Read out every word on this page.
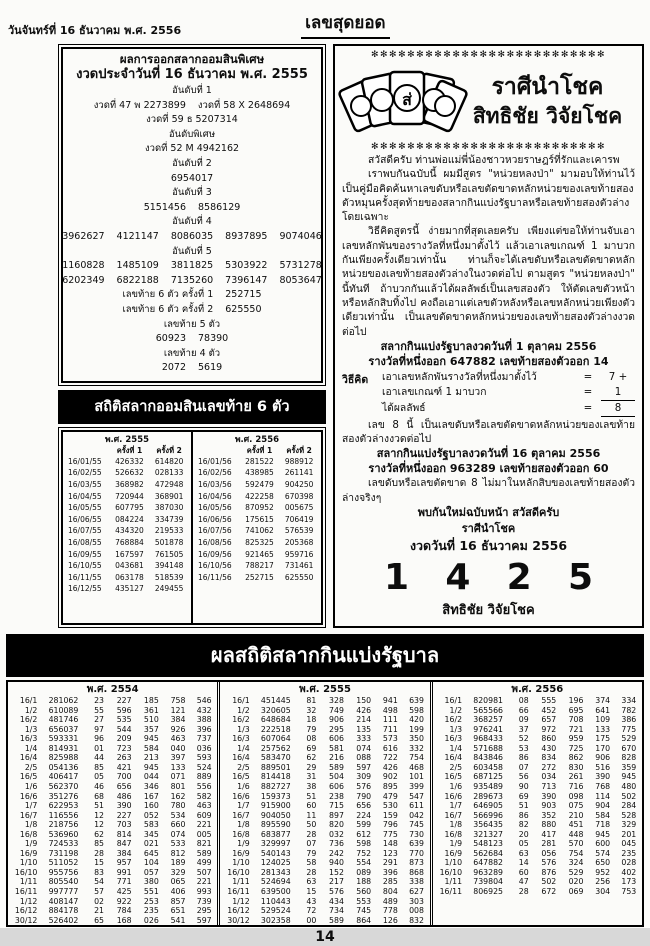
วันจันทร์ที่ 16 ธันวาคม พ.ศ. 2556	เลขสุดยอด
ผลการออกสลากออมสินพิเศษ
งวดประจำวันที่ 16 ธันวาคม พ.ศ. 2555
อันดับที่ 1
งวดที่ 47 พ 2273899 งวดที่ 58 X 2648694
งวดที่ 59 ธ 5207314
อันดับพิเศษ
งวดที่ 52 M 4942162
อันดับที่ 2
6954017
อันดับที่ 3
5151456 8586129
อันดับที่ 4
3962627 4121147 8086035 8937895 9074046
อันดับที่ 5
1160828 1485109 3811825 5303922 5731278
6202349 6822188 7135260 7396147 8053647
เลขท้าย 6 ตัว ครั้งที่ 1 252715
เลขท้าย 6 ตัว ครั้งที่ 2 625550
เลขท้าย 5 ตัว
60923 78390
เลขท้าย 4 ตัว
2072 5619
สถิติสลากออมสินเลขท้าย 6 ตัว
พ.ศ. 2555
ครั้งที่ 1	ครั้งที่ 2
16/01/55	426332	614820
16/02/55	526632	028133
16/03/55	368982	472948
16/04/55	720944	368901
16/05/55	607795	387030
16/06/55	084224	334739
16/07/55	434320	219533
16/08/55	768884	501878
16/09/55	167597	761505
16/10/55	043681	394148
16/11/55	063178	518539
16/12/55	435127	249455
พ.ศ. 2556
ครั้งที่ 1	ครั้งที่ 2
16/01/56	281522	988912
16/02/56	438985	261141
16/03/56	592479	904250
16/04/56	422258	670398
16/05/56	870952	005675
16/06/56	175615	706419
16/07/56	741062	576539
16/08/56	825325	205368
16/09/56	921465	959716
16/10/56	788217	731461
16/11/56	252715	625550
✻✻✻✻✻✻✻✻✻✻✻✻✻✻✻✻✻✻✻✻✻✻✻✻✻✻
ส่	ราศีนำโชค
สิทธิชัย วิจัยโชค
✻✻✻✻✻✻✻✻✻✻✻✻✻✻✻✻✻✻✻✻✻✻✻✻✻✻

สวัสดีครับ ท่านพ่อแม่พี่น้องชาวหวยราษฎร์ที่รักและเคารพ

เราพบกันฉบับนี้ ผมมีสูตร "หน่วยหลงป่า" มามอบให้ท่านไว้เป็นคู่มือคิดค้นหาเลขดับหรือเลขตัดขาดหลักหน่วยของเลขท้ายสองตัวหมุนครั้งสุดท้ายของสลากกินแบ่งรัฐบาลหรือเลขท้ายสองตัวล่างโดยเฉพาะ

วิธีคิดสูตรนี้ ง่ายมากที่สุดเลยครับ เพียงแต่ขอให้ท่านจับเอาเลขหลักพันของรางวัลที่หนึ่งมาตั้งไว้ แล้วเอาเลขเกณฑ์ 1 มาบวกกันเพียงครั้งเดียวเท่านั้น ท่านก็จะได้เลขดับหรือเลขตัดขาดหลักหน่วยของเลขท้ายสองตัวล่างในงวดต่อไป ตามสูตร "หน่วยหลงป่า" นี้ทันที ถ้าบวกกันแล้วได้ผลลัพธ์เป็นเลขสองตัว ให้ตัดเลขตัวหน้าหรือหลักสิบทิ้งไป คงถือเอาแต่เลขตัวหลังหรือเลขหลักหน่วยเพียงตัวเดียวเท่านั้น เป็นเลขตัดขาดหลักหน่วยของเลขท้ายสองตัวล่างงวดต่อไป

สลากกินแบ่งรัฐบาลงวดวันที่ 1 ตุลาคม 2556
รางวัลที่หนึ่งออก 647882 เลขท้ายสองตัวออก 14
วิธีคิด เอาเลขหลักพันรางวัลที่หนึ่งมาตั้งไว้	=	7 +
เอาเลขเกณฑ์ 1 มาบวก	=	1
ได้ผลลัพธ์	=	8

เลข 8 นี้ เป็นเลขดับหรือเลขตัดขาดหลักหน่วยของเลขท้ายสองตัวล่างงวดต่อไป

สลากกินแบ่งรัฐบาลงวดวันที่ 16 ตุลาคม 2556
รางวัลที่หนึ่งออก 963289 เลขท้ายสองตัวออก 60

เลขดับหรือเลขตัดขาด 8 ไม่มาในหลักสิบของเลขท้ายสองตัวล่างจริงๆ

พบกันใหม่ฉบับหน้า สวัสดีครับ
ราศีนำโชค
งวดวันที่ 16 ธันวาคม 2556
1 4 2 5
สิทธิชัย วิจัยโชค
ผลสถิติสลากกินแบ่งรัฐบาล
พ.ศ. 2554
16/1	281062	23	227	185	758	546
1/2	610089	55	596	361	121	432
16/2	481746	27	535	510	384	388
1/3	656037	97	544	357	926	396
16/3	593331	96	209	945	463	737
1/4	814931	01	723	584	040	036
16/4	825988	44	263	213	397	593
2/5	054136	85	421	945	133	524
16/5	406417	05	700	044	071	889
1/6	562370	46	656	346	801	556
16/6	351276	68	486	167	162	582
1/7	622953	51	390	160	780	463
16/7	116556	12	227	052	534	609
1/8	218756	12	703	583	660	221
16/8	536960	62	814	345	074	005
1/9	724533	85	847	021	533	821
16/9	731198	28	384	645	812	589
1/10	511052	15	957	104	189	499
16/10	955756	83	991	057	329	507
1/11	805540	54	771	380	065	221
16/11	997777	57	425	551	406	993
1/12	408147	02	922	253	857	739
16/12	884178	21	784	235	651	295
30/12	526402	65	168	026	541	597
พ.ศ. 2555
16/1	451445	81	328	150	941	639
1/2	320605	32	749	426	498	598
16/2	648684	18	906	214	111	420
1/3	222518	79	295	135	711	199
16/3	607064	08	606	333	573	350
1/4	257562	69	581	074	616	332
16/4	583470	62	216	088	722	754
2/5	889501	29	589	597	426	468
16/5	814418	31	504	309	902	101
1/6	882727	38	606	576	895	399
16/6	159373	51	238	790	479	547
1/7	915900	60	715	656	530	611
16/7	904050	11	897	224	159	042
1/8	895590	50	820	599	796	745
16/8	683877	28	032	612	775	730
1/9	329997	07	736	598	148	639
16/9	540143	79	242	752	123	770
1/10	124025	58	940	554	291	873
16/10	281343	28	152	089	396	868
1/11	524694	63	217	188	285	338
16/11	639500	15	576	560	804	627
1/12	110443	43	434	553	489	303
16/12	529524	72	734	745	778	008
30/12	302358	00	589	864	126	832
พ.ศ. 2556
16/1	820981	08	555	196	374	334
1/2	565566	66	452	695	641	782
16/2	368257	09	657	708	109	386
1/3	976241	37	972	721	133	775
16/3	968433	52	860	959	175	529
1/4	571688	53	430	725	170	670
16/4	843846	86	834	862	906	828
2/5	603458	07	272	830	516	359
16/5	687125	56	034	261	390	945
1/6	935489	90	713	716	768	480
16/6	289673	69	390	098	114	502
1/7	646905	51	903	075	904	284
16/7	566996	86	352	210	584	528
1/8	356435	82	880	451	718	329
16/8	321327	20	417	448	945	201
1/9	548123	05	281	570	600	045
16/9	562684	63	056	754	574	235
1/10	647882	14	576	324	650	028
16/10	963289	60	876	529	952	402
1/11	739804	47	502	020	256	173
16/11	806925	28	672	069	304	753
14
